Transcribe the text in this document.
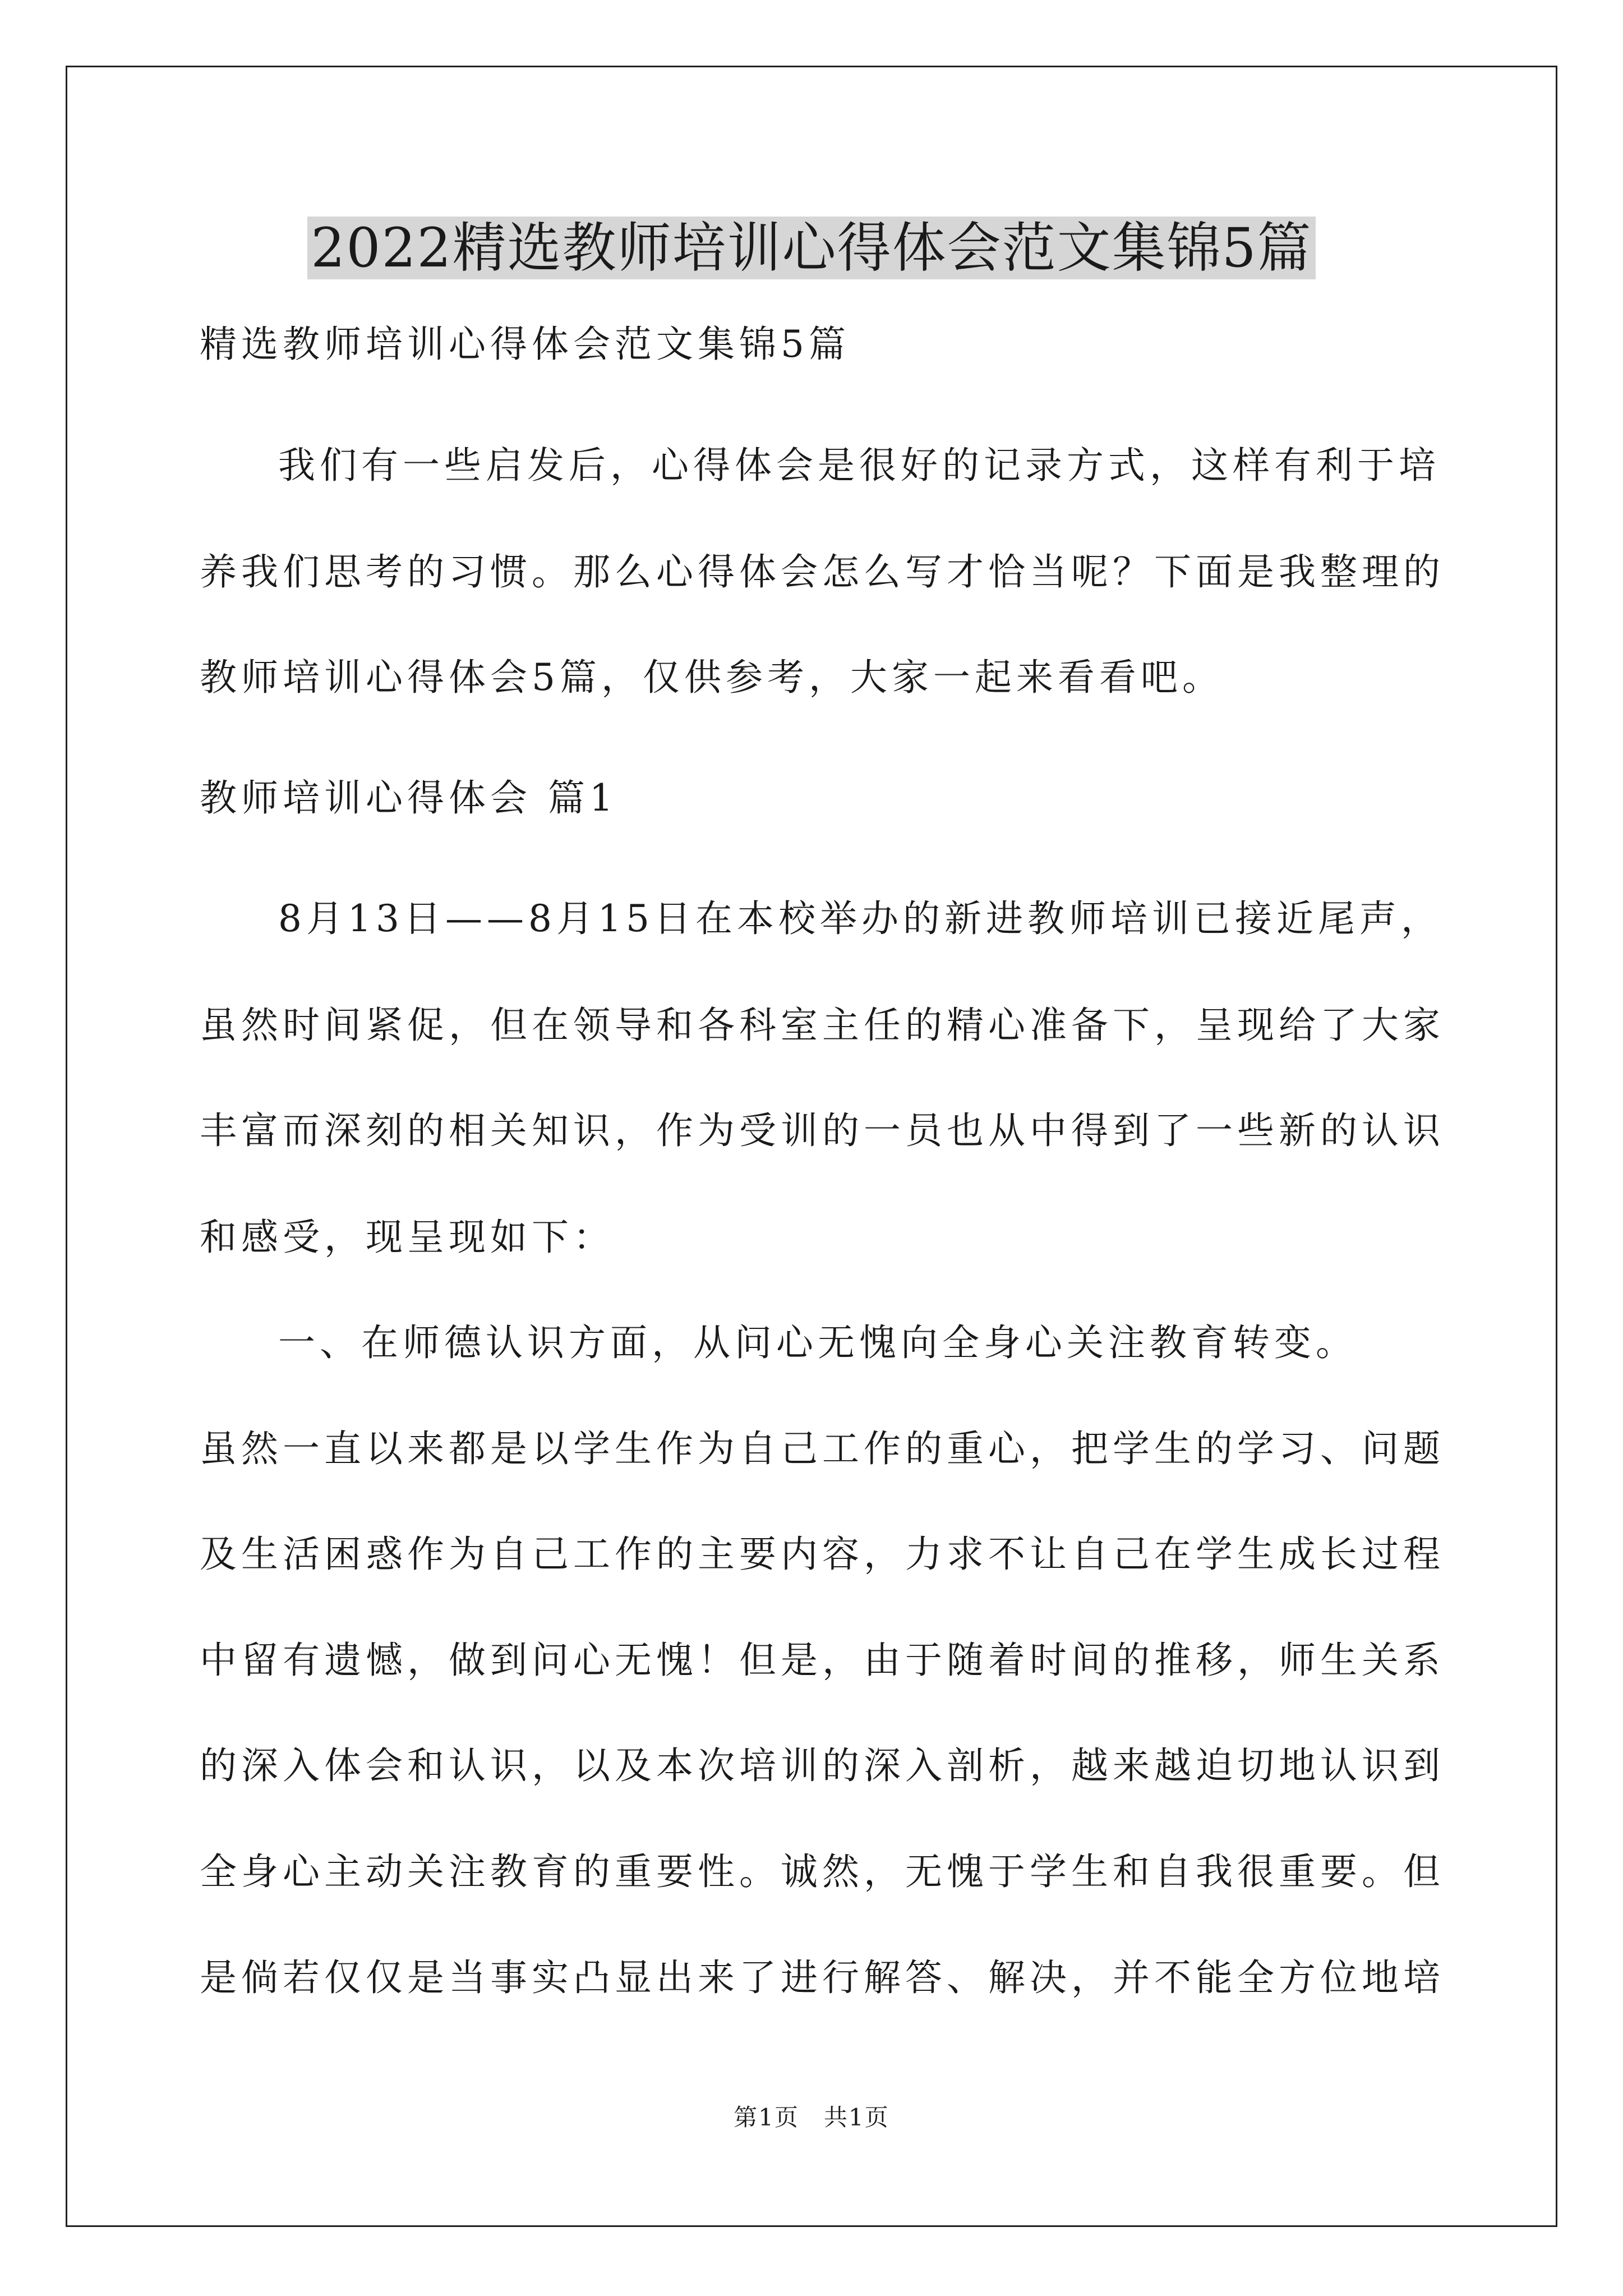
2022精选教师培训心得体会范文集锦5篇
精选教师培训心得体会范文集锦5篇
我们有一些启发后，心得体会是很好的记录方式，这样有利于培
养我们思考的习惯。那么心得体会怎么写才恰当呢？下面是我整理的
教师培训心得体会5篇，仅供参考，大家一起来看看吧。
教师培训心得体会 篇1
8月13日——8月15日在本校举办的新进教师培训已接近尾声，
虽然时间紧促，但在领导和各科室主任的精心准备下，呈现给了大家
丰富而深刻的相关知识，作为受训的一员也从中得到了一些新的认识
和感受，现呈现如下：
一、在师德认识方面，从问心无愧向全身心关注教育转变。
虽然一直以来都是以学生作为自己工作的重心，把学生的学习、问题
及生活困惑作为自己工作的主要内容，力求不让自己在学生成长过程
中留有遗憾，做到问心无愧！但是，由于随着时间的推移，师生关系
的深入体会和认识，以及本次培训的深入剖析，越来越迫切地认识到
全身心主动关注教育的重要性。诚然，无愧于学生和自我很重要。但
是倘若仅仅是当事实凸显出来了进行解答、解决，并不能全方位地培
第1页　共1页
